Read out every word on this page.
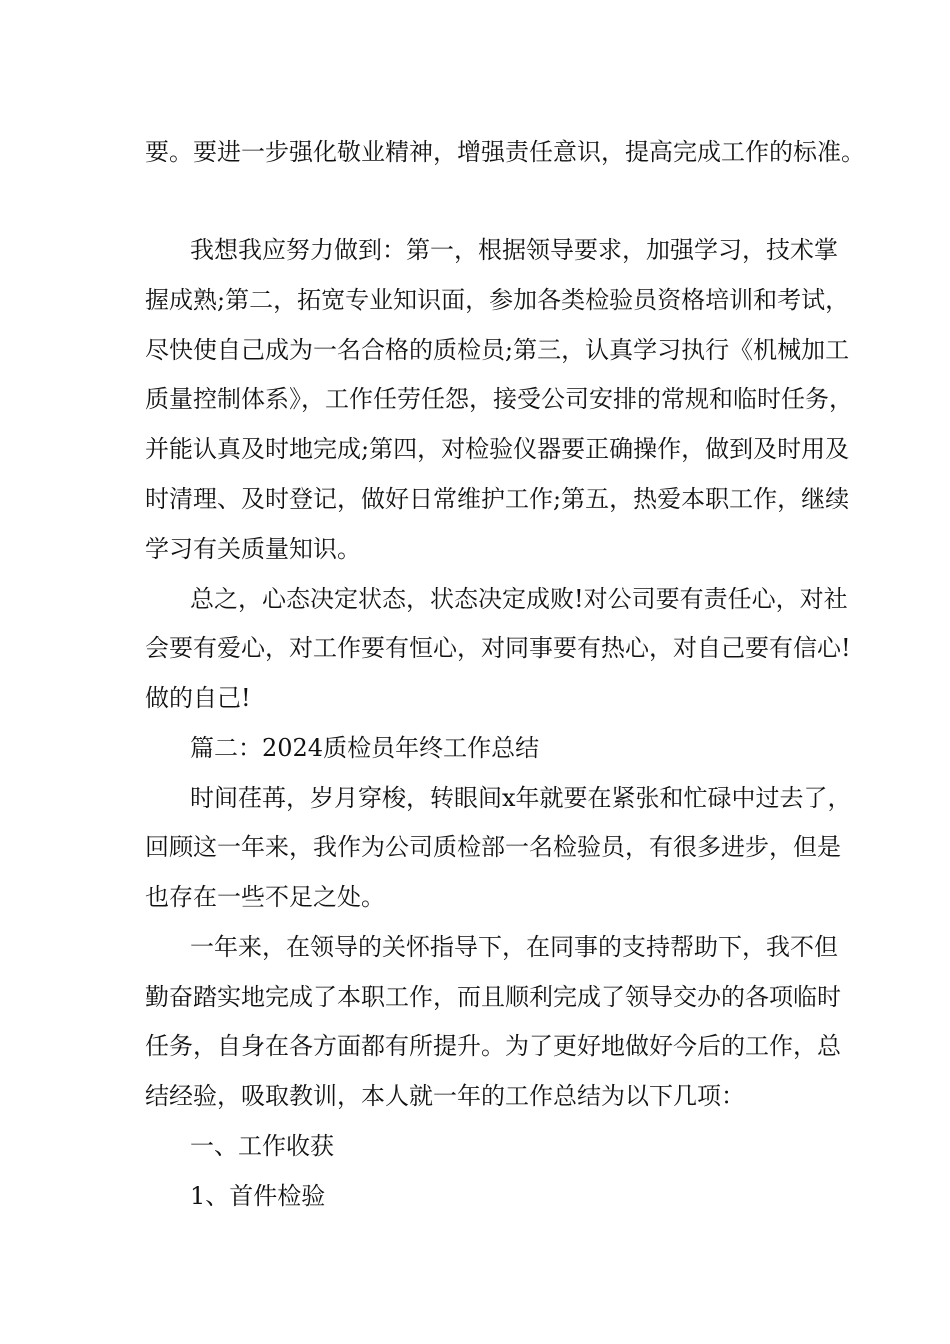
要。要进一步强化敬业精神，增强责任意识，提高完成工作的标准。
我想我应努力做到：第一，根据领导要求，加强学习，技术掌
握成熟;第二，拓宽专业知识面，参加各类检验员资格培训和考试，
尽快使自己成为一名合格的质检员;第三，认真学习执行《机械加工
质量控制体系》，工作任劳任怨，接受公司安排的常规和临时任务，
并能认真及时地完成;第四，对检验仪器要正确操作，做到及时用及
时清理、及时登记，做好日常维护工作;第五，热爱本职工作，继续
学习有关质量知识。
总之，心态决定状态，状态决定成败!对公司要有责任心，对社
会要有爱心，对工作要有恒心，对同事要有热心，对自己要有信心!
做的自己!
篇二：2024质检员年终工作总结
时间荏苒，岁月穿梭，转眼间x年就要在紧张和忙碌中过去了，
回顾这一年来，我作为公司质检部一名检验员，有很多进步，但是
也存在一些不足之处。
一年来，在领导的关怀指导下，在同事的支持帮助下，我不但
勤奋踏实地完成了本职工作，而且顺利完成了领导交办的各项临时
任务，自身在各方面都有所提升。为了更好地做好今后的工作，总
结经验，吸取教训，本人就一年的工作总结为以下几项：
一、工作收获
1、首件检验
